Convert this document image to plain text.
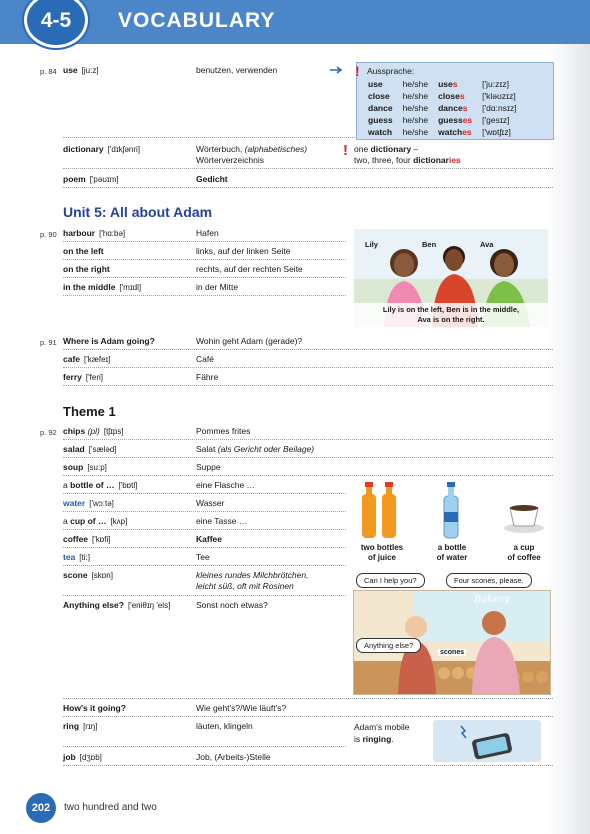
VOCABULARY
4-5
p. 84 use [ju:z]	benutzen, verwenden	! Aussprache:
use	he/she	uses	['ju:zɪz]
close	he/she	closes	['kləʊzɪz]
dance	he/she	dances	['dɑ:nsɪz]
guess	he/she	guesses	['gesɪz]
watch	he/she	watches	['wɒtʃɪz]
dictionary ['dɪkʃənri]	Wörterbuch, (alphabetisches)
Wörterverzeichnis
! one dictionary –
two, three, four dictionaries
poem ['pəʊɪm]	Gedicht
Unit 5: All about Adam
p. 90 harbour ['hɑ:bə]	Hafen
on the left	links, auf der linken Seite
on the right	rechts, auf der rechten Seite
in the middle ['mɪdl]	in der Mitte
Lily	Ben	Ava
Lily is on the left, Ben is in the middle,
Ava is on the right.
p. 91 Where is Adam going?	Wohin geht Adam (gerade)?
cafe ['kæfeɪ]	Café
ferry ['feri]	Fähre
Theme 1
p. 92 chips (pl) [tʃɪps]	Pommes frites
salad ['sæləd]	Salat (als Gericht oder Beilage)
soup [su:p]	Suppe
a bottle of … ['bɒtl]	eine Flasche …
water ['wɔ:tə]	Wasser
a cup of … [kʌp]	eine Tasse …
coffee ['kɒfi]	Kaffee
tea [ti:]	Tee
scone [skɒn]	kleines rundes Milchbrötchen,
leicht süß, oft mit Rosinen
Anything else? ['eniθɪŋ 'els]	Sonst noch etwas?
two bottles
of juice
a bottle
of water
a cup
of coffee
Bakery
scones
Can I help you?	Four scones, please.
Anything else?
How's it going?	Wie geht's?/Wie läuft's?
ring [rɪŋ]	läuten, klingeln	Adam's mobile
is ringing.
job [dʒɒb]	Job, (Arbeits-)Stelle
202	two hundred and two
